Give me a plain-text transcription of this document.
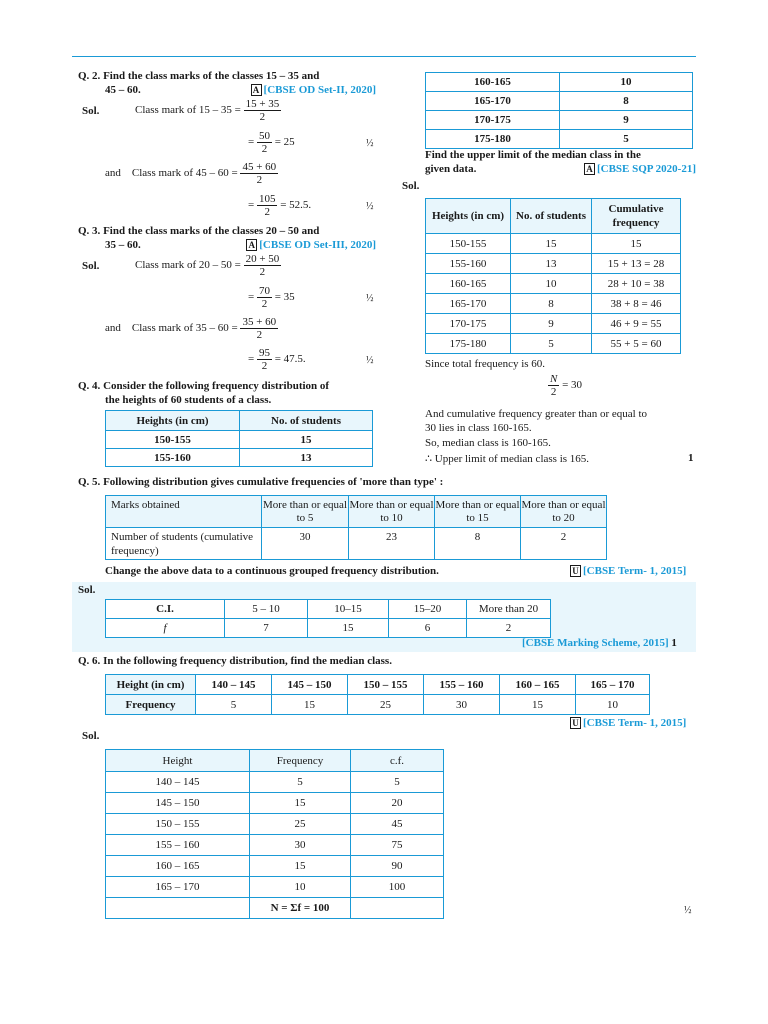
Q. 2. Find the class marks of the classes 15 – 35 and
45 – 60.	A [CBSE OD Set-II, 2020]
Sol.	Class mark of $15 - 35 = \frac{15 + 35}{2}$
= $\frac{50}{2} = 25$	½
and Class mark of $45 - 60 = \frac{45 + 60}{2}$
= $\frac{105}{2} = 52.5$.	½
Q. 3. Find the class marks of the classes 20 – 50 and
35 – 60.	A [CBSE OD Set-III, 2020]
Sol.	Class mark of $20 - 50 = \frac{20 + 50}{2}$
= $\frac{70}{2} = 35$	½
and Class mark of $35 - 60 = \frac{35 + 60}{2}$
= $\frac{95}{2} = 47.5$.	½
Q. 4. Consider the following frequency distribution of
the heights of 60 students of a class.
Heights (in cm)	No. of students
150-155	15
155-160	13
160-165	10
165-170	8
170-175	9
175-180	5
Find the upper limit of the median class in the
given data.	A [CBSE SQP 2020-21]
Sol.
Heights (in cm)	No. of students	Cumulative frequency
150-155	15	15
155-160	13	15 + 13 = 28
160-165	10	28 + 10 = 38
165-170	8	38 + 8 = 46
170-175	9	46 + 9 = 55
175-180	5	55 + 5 = 60
Since total frequency is 60.
$\frac{N}{2} = 30$
And cumulative frequency greater than or equal to
30 lies in class 160-165.
So, median class is 160-165.
∴ Upper limit of median class is 165.	1
Q. 5. Following distribution gives cumulative frequencies of 'more than type' :
Marks obtained	More than or equal to 5	More than or equal to 10	More than or equal to 15	More than or equal to 20
Number of students (cumulative frequency)	30	23	8	2
Change the above data to a continuous grouped frequency distribution.	U [CBSE Term- 1, 2015]
Sol.
C.I.	5 – 10	10–15	15–20	More than 20
f	7	15	6	2
[CBSE Marking Scheme, 2015] 1
Q. 6. In the following frequency distribution, find the median class.
Height (in cm)	140 – 145	145 – 150	150 – 155	155 – 160	160 – 165	165 – 170
Frequency	5	15	25	30	15	10
U [CBSE Term- 1, 2015]
Sol.
Height	Frequency	c.f.
140 – 145	5	5
145 – 150	15	20
150 – 155	25	45
155 – 160	30	75
160 – 165	15	90
165 – 170	10	100
	N = Σf = 100		½
